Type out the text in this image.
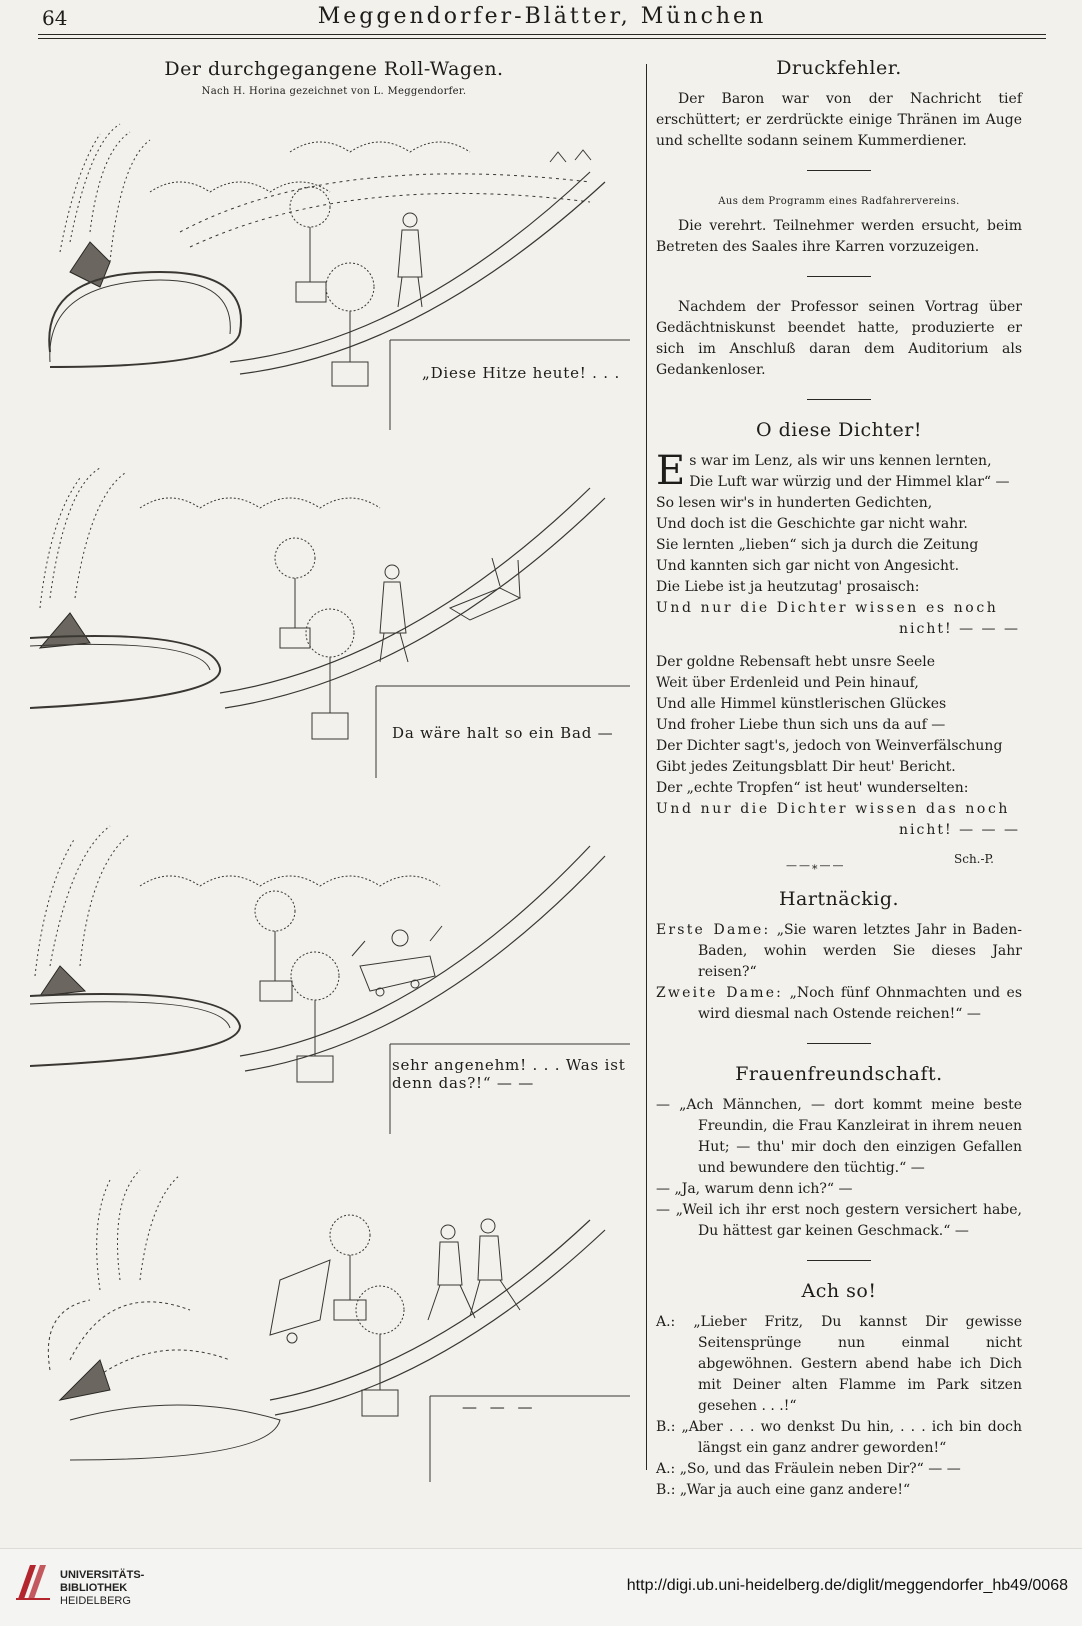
64	Meggendorfer-Blätter, München
Der durchgegangene Roll-Wagen.
Nach H. Horina gezeichnet von L. Meggendorfer.
„Diese Hitze heute! . . .
Da wäre halt so ein Bad —
sehr angenehm! . . . Was ist
denn das?!“ — —
— — —
Druckfehler.
Der Baron war von der Nachricht tief erschüttert; er zerdrückte einige Thränen im Auge und schellte sodann seinem Kummerdiener.
Aus dem Programm eines Radfahrervereins.
Die verehrt. Teilnehmer werden ersucht, beim Betreten des Saales ihre Karren vorzuzeigen.
Nachdem der Professor seinen Vortrag über Gedächtniskunst beendet hatte, produzierte er sich im Anschluß daran dem Auditorium als Gedankenloser.
O diese Dichter!
E s war im Lenz, als wir uns kennen lernten,
Die Luft war würzig und der Himmel klar“ —
So lesen wir's in hunderten Gedichten,
Und doch ist die Geschichte gar nicht wahr.
Sie lernten „lieben“ sich ja durch die Zeitung
Und kannten sich gar nicht von Angesicht.
Die Liebe ist ja heutzutag' prosaisch:
Und nur die Dichter wissen es noch
nicht! — — —
Der goldne Rebensaft hebt unsre Seele
Weit über Erdenleid und Pein hinauf,
Und alle Himmel künstlerischen Glückes
Und froher Liebe thun sich uns da auf —
Der Dichter sagt's, jedoch von Weinverfälschung
Gibt jedes Zeitungsblatt Dir heut' Bericht.
Der „echte Tropfen“ ist heut' wunderselten:
Und nur die Dichter wissen das noch
nicht! — — —
——⁎——	Sch.-P.
Hartnäckig.
Erste Dame: „Sie waren letztes Jahr in Baden-Baden, wohin werden Sie dieses Jahr reisen?“
Zweite Dame: „Noch fünf Ohnmachten und es wird diesmal nach Ostende reichen!“ —
Frauenfreundschaft.
— „Ach Männchen, — dort kommt meine beste Freundin, die Frau Kanzleirat in ihrem neuen Hut; — thu' mir doch den einzigen Gefallen und bewundere den tüchtig.“ —
— „Ja, warum denn ich?“ —
— „Weil ich ihr erst noch gestern versichert habe, Du hättest gar keinen Geschmack.“ —
Ach so!
A.: „Lieber Fritz, Du kannst Dir gewisse Seitensprünge nun einmal nicht abgewöhnen. Gestern abend habe ich Dich mit Deiner alten Flamme im Park sitzen gesehen . . .!“
B.: „Aber . . . wo denkst Du hin, . . . ich bin doch längst ein ganz andrer geworden!“
A.: „So, und das Fräulein neben Dir?“ — —
B.: „War ja auch eine ganz andere!“
UNIVERSITÄTS-
BIBLIOTHEK
HEIDELBERG
http://digi.ub.uni-heidelberg.de/diglit/meggendorfer_hb49/0068
